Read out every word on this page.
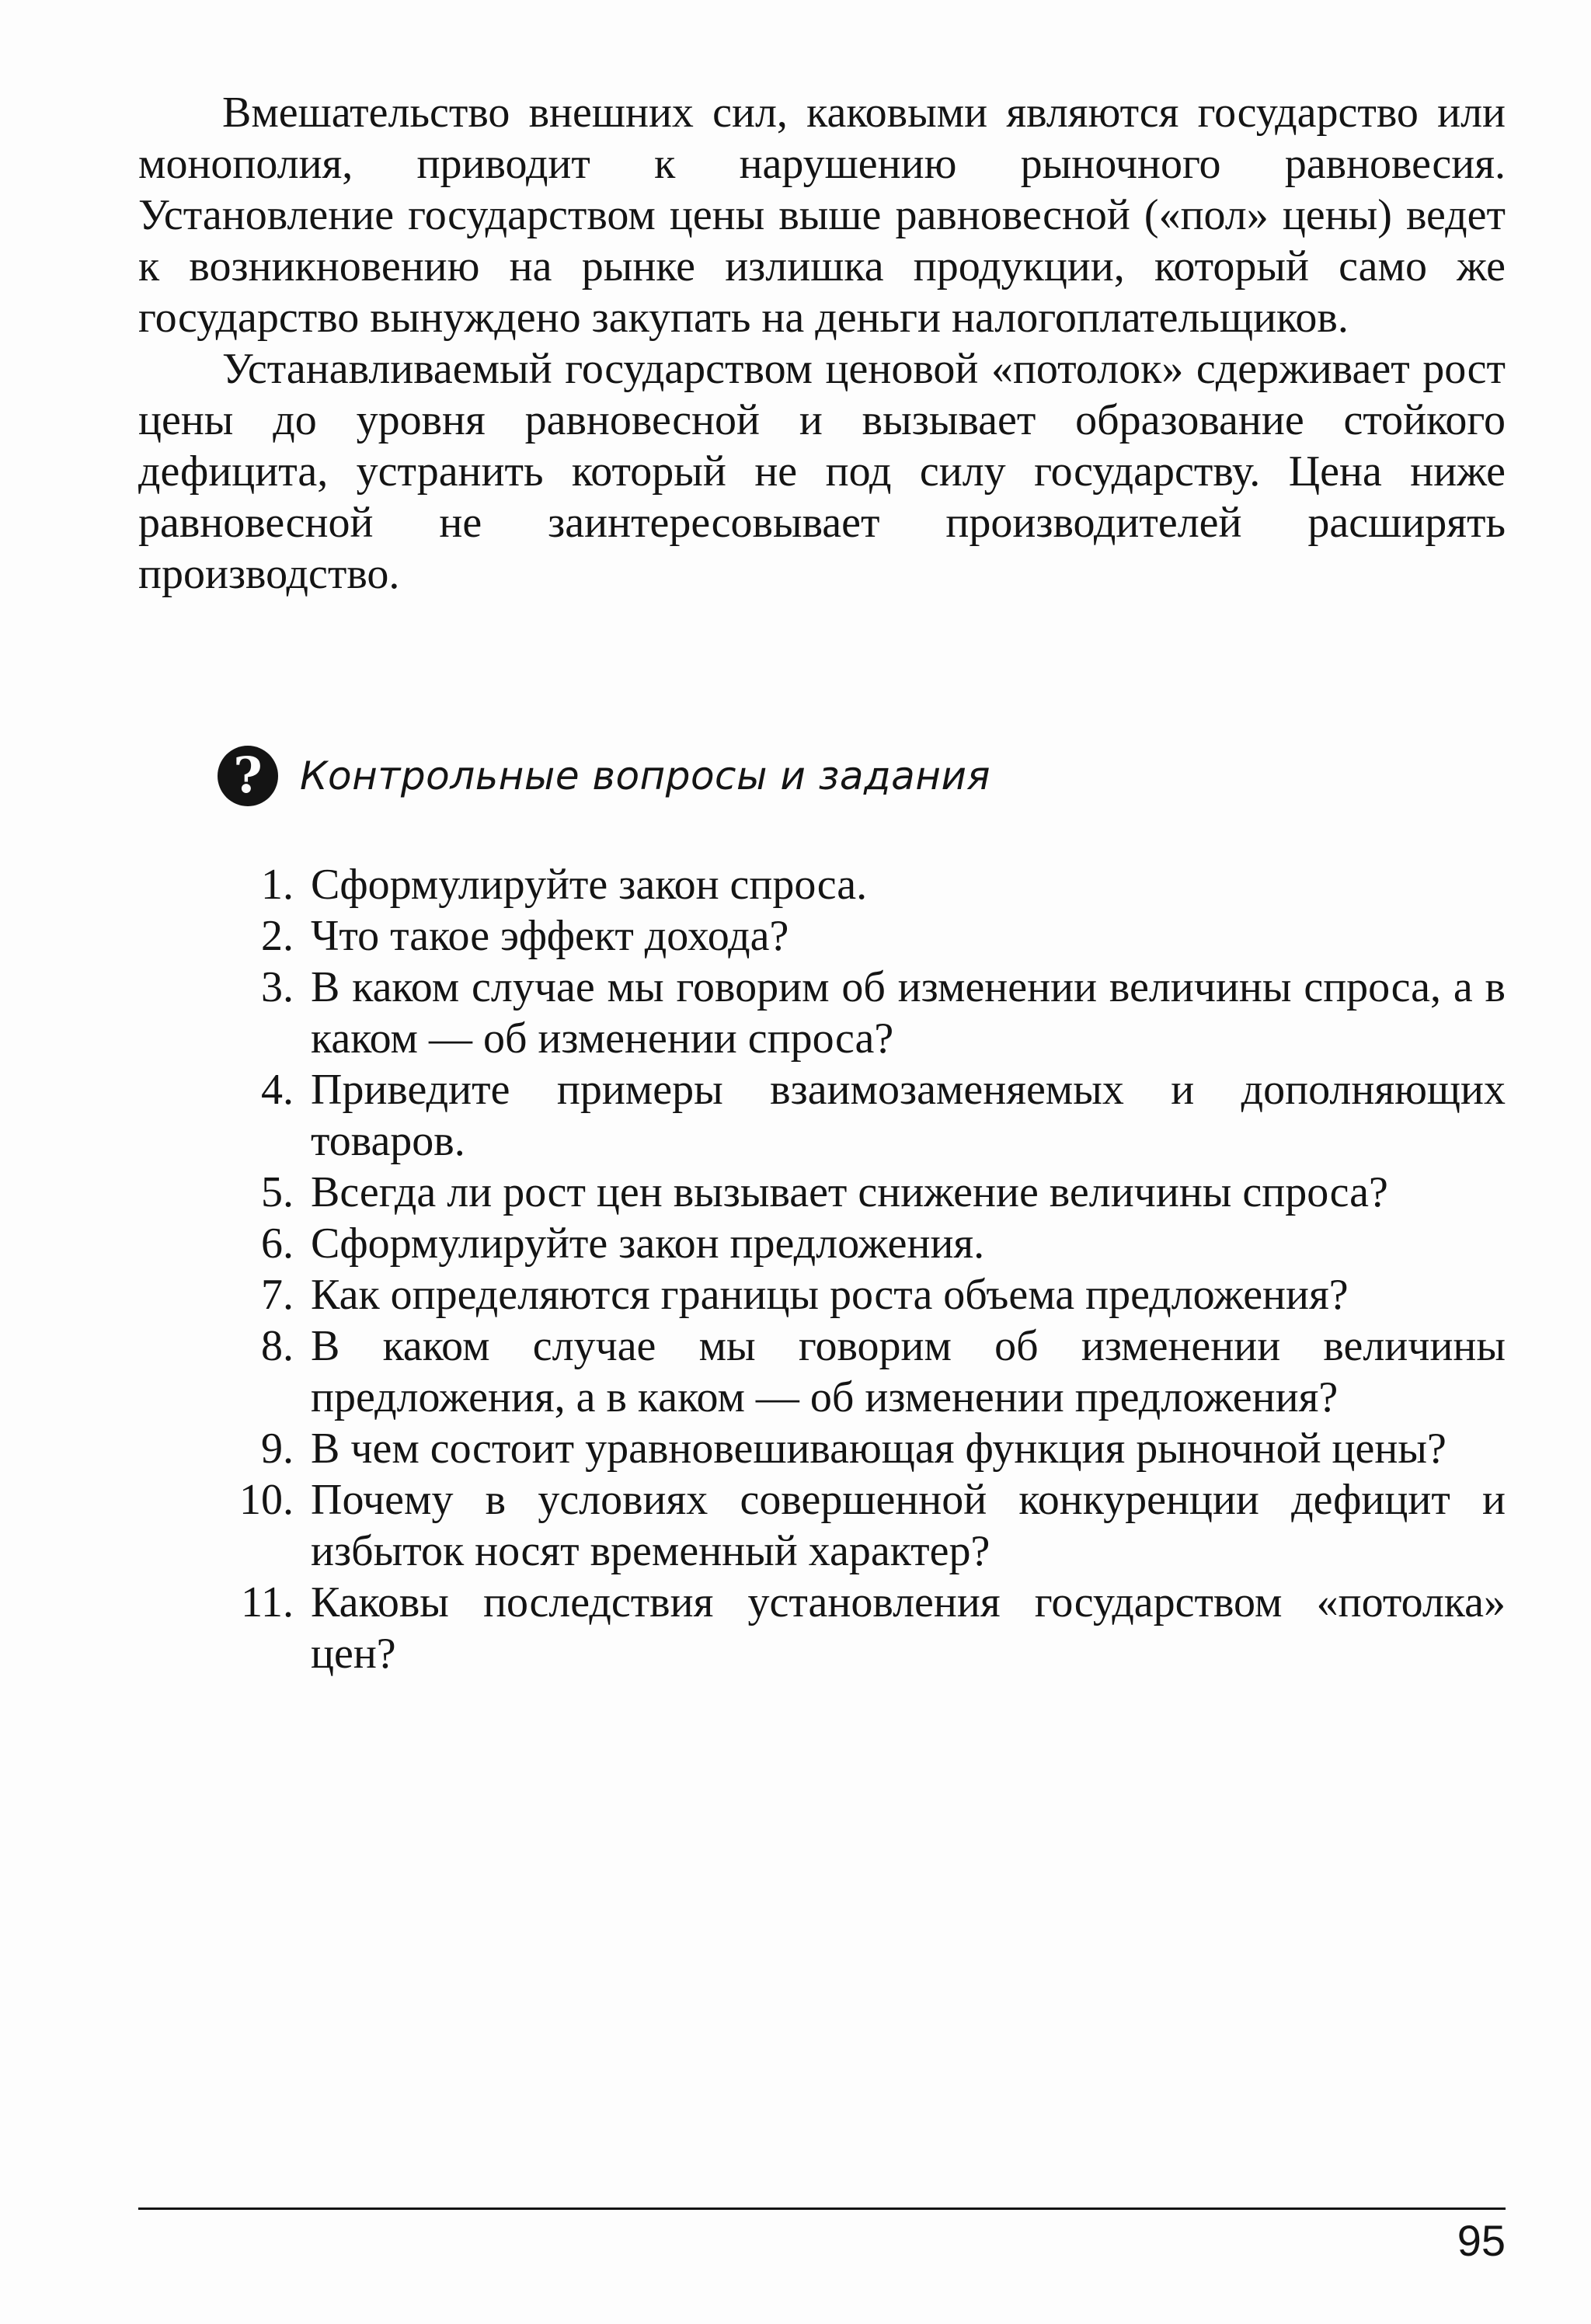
Вмешательство внешних сил, каковыми являются государство или монополия, приводит к нарушению рыночного равновесия. Установление государством цены выше равновесной («пол» цены) ведет к возникновению на рынке излишка продукции, который само же государство вынуждено закупать на деньги налогоплательщиков.

Устанавливаемый государством ценовой «потолок» сдерживает рост цены до уровня равновесной и вызывает образование стойкого дефицита, устранить который не под силу государству. Цена ниже равновесной не заинтересовывает производителей расширять производство.

? Контрольные вопросы и задания
1. Сформулируйте закон спроса.
2. Что такое эффект дохода?
3. В каком случае мы говорим об изменении величины спроса, а в каком — об изменении спроса?
4. Приведите примеры взаимозаменяемых и дополняющих товаров.
5. Всегда ли рост цен вызывает снижение величины спроса?
6. Сформулируйте закон предложения.
7. Как определяются границы роста объема предложения?
8. В каком случае мы говорим об изменении величины предложения, а в каком — об изменении предложения?
9. В чем состоит уравновешивающая функция рыночной цены?
10. Почему в условиях совершенной конкуренции дефицит и избыток носят временный характер?
11. Каковы последствия установления государством «потолка» цен?
95
